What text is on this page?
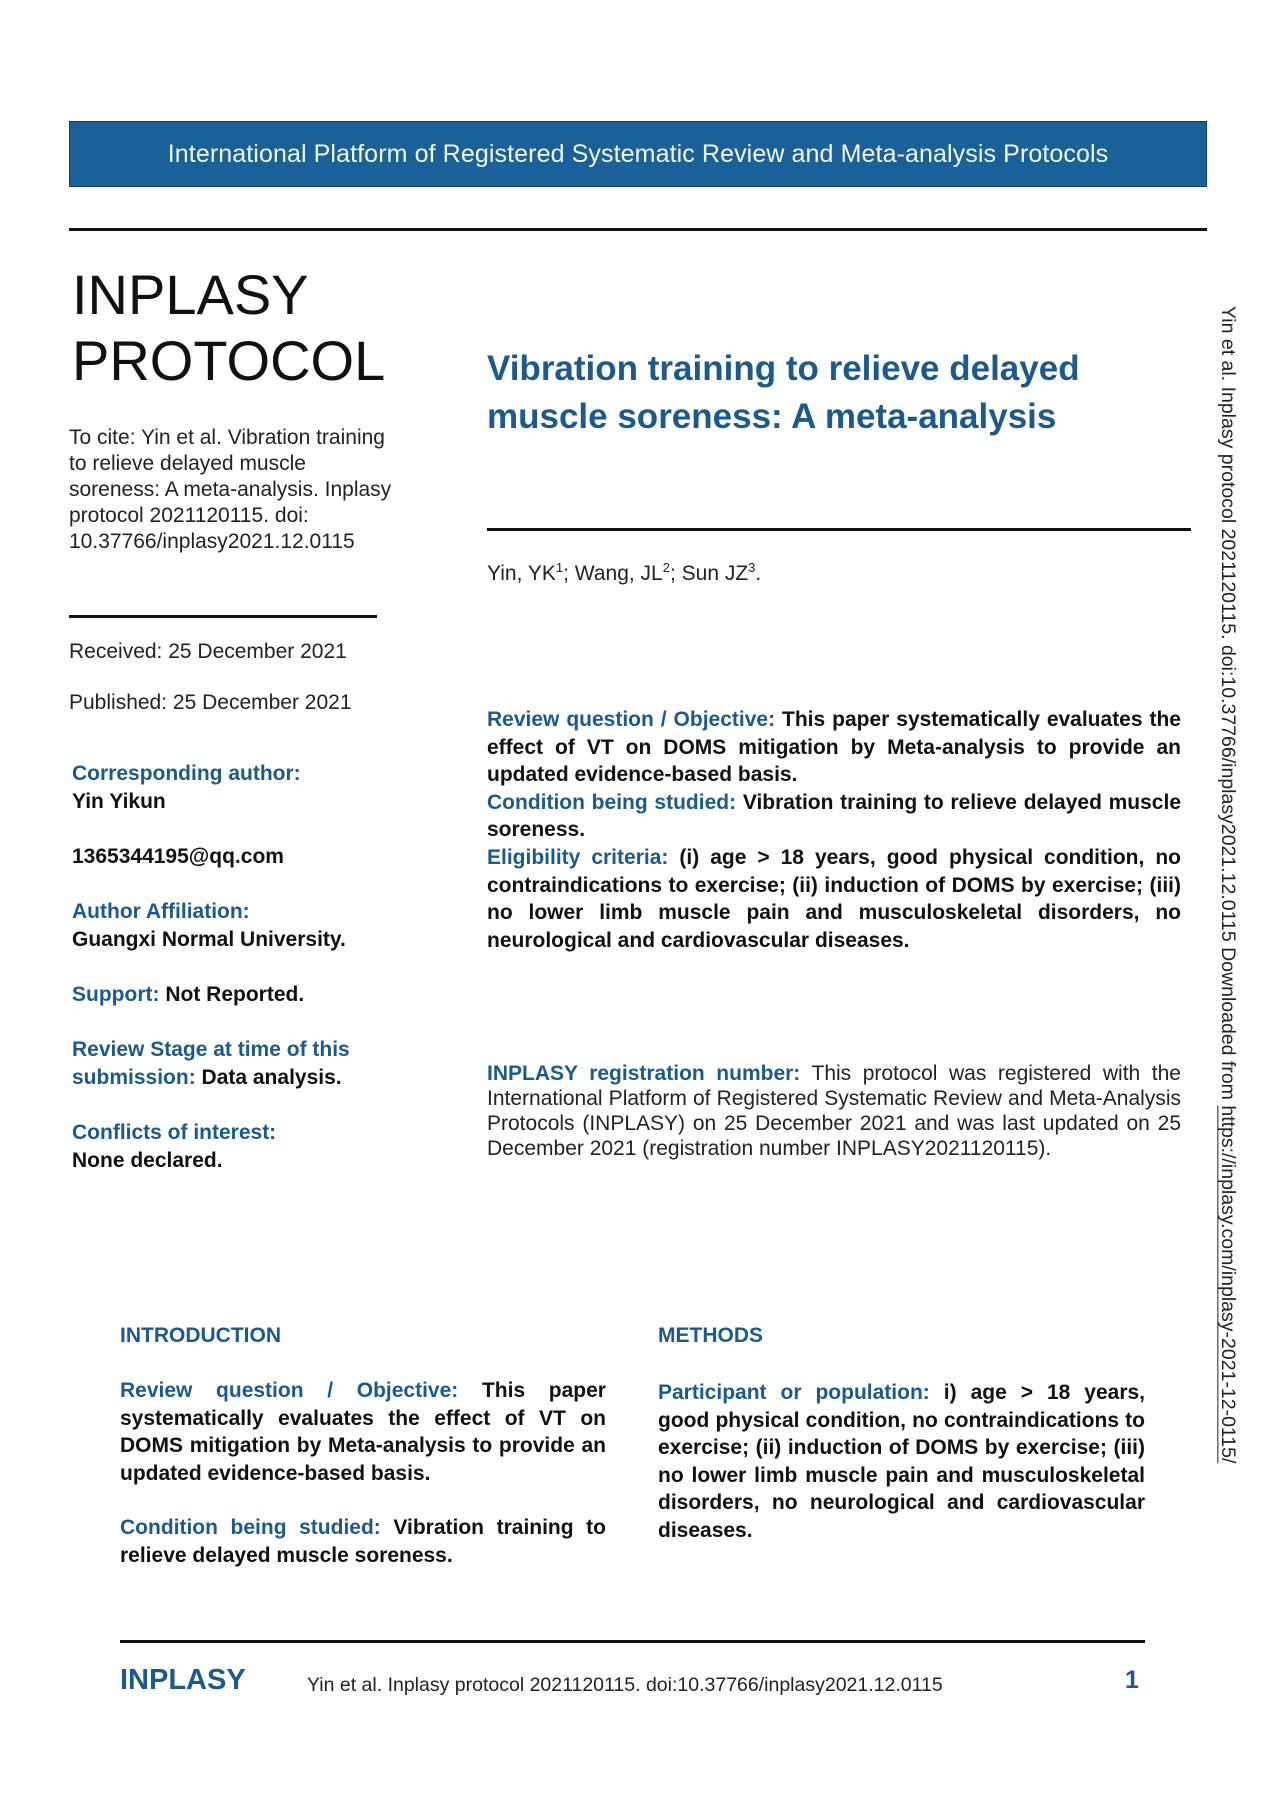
International Platform of Registered Systematic Review and Meta-analysis Protocols
INPLASY
PROTOCOL
To cite: Yin et al. Vibration training to relieve delayed muscle soreness: A meta-analysis. Inplasy protocol 2021120115. doi: 10.37766/inplasy2021.12.0115
Received: 25 December 2021
Published: 25 December 2021
Corresponding author:
Yin Yikun
1365344195@qq.com
Author Affiliation:
Guangxi Normal University.
Support: Not Reported.
Review Stage at time of this submission: Data analysis.
Conflicts of interest:
None declared.
Vibration training to relieve delayed muscle soreness: A meta-analysis
Yin, $YK^1$; Wang, $JL^2$; Sun $JZ^3$.

Review question / Objective: This paper systematically evaluates the effect of VT on DOMS mitigation by Meta-analysis to provide an updated evidence-based basis.

Condition being studied: Vibration training to relieve delayed muscle soreness.

Eligibility criteria: (i) age > 18 years, good physical condition, no contraindications to exercise; (ii) induction of DOMS by exercise; (iii) no lower limb muscle pain and musculoskeletal disorders, no neurological and cardiovascular diseases.

INPLASY registration number: This protocol was registered with the International Platform of Registered Systematic Review and Meta-Analysis Protocols (INPLASY) on 25 December 2021 and was last updated on 25 December 2021 (registration number INPLASY2021120115).
INTRODUCTION

Review question / Objective: This paper systematically evaluates the effect of VT on DOMS mitigation by Meta-analysis to provide an updated evidence-based basis.

Condition being studied: Vibration training to relieve delayed muscle soreness.

METHODS

Participant or population: i) age > 18 years, good physical condition, no contraindications to exercise; (ii) induction of DOMS by exercise; (iii) no lower limb muscle pain and musculoskeletal disorders, no neurological and cardiovascular diseases.

Yin et al. Inplasy protocol 2021120115. doi:10.37766/inplasy2021.12.0115 Downloaded from https://inplasy.com/inplasy-2021-12-0115/
INPLASY	Yin et al. Inplasy protocol 2021120115. doi:10.37766/inplasy2021.12.0115	1
